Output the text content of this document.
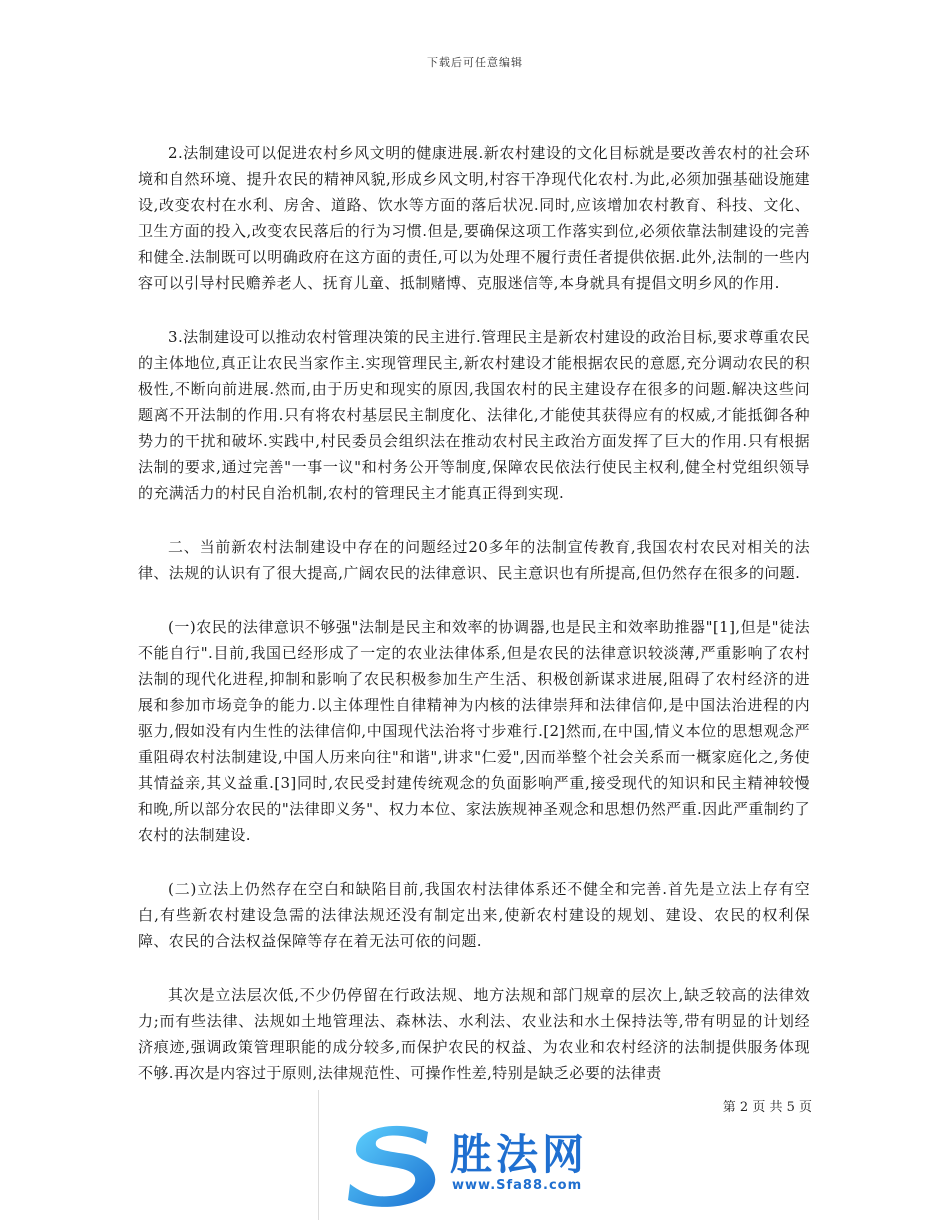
下载后可任意编辑

2.法制建设可以促进农村乡风文明的健康进展.新农村建设的文化目标就是要改善农村的社会环境和自然环境、提升农民的精神风貌,形成乡风文明,村容干净现代化农村.为此,必须加强基础设施建设,改变农村在水利、房舍、道路、饮水等方面的落后状况.同时,应该增加农村教育、科技、文化、卫生方面的投入,改变农民落后的行为习惯.但是,要确保这项工作落实到位,必须依靠法制建设的完善和健全.法制既可以明确政府在这方面的责任,可以为处理不履行责任者提供依据.此外,法制的一些内容可以引导村民赡养老人、抚育儿童、抵制赌博、克服迷信等,本身就具有提倡文明乡风的作用.

3.法制建设可以推动农村管理决策的民主进行.管理民主是新农村建设的政治目标,要求尊重农民的主体地位,真正让农民当家作主.实现管理民主,新农村建设才能根据农民的意愿,充分调动农民的积极性,不断向前进展.然而,由于历史和现实的原因,我国农村的民主建设存在很多的问题.解决这些问题离不开法制的作用.只有将农村基层民主制度化、法律化,才能使其获得应有的权威,才能抵御各种势力的干扰和破坏.实践中,村民委员会组织法在推动农村民主政治方面发挥了巨大的作用.只有根据法制的要求,通过完善"一事一议"和村务公开等制度,保障农民依法行使民主权利,健全村党组织领导的充满活力的村民自治机制,农村的管理民主才能真正得到实现.

二、当前新农村法制建设中存在的问题经过20多年的法制宣传教育,我国农村农民对相关的法律、法规的认识有了很大提高,广阔农民的法律意识、民主意识也有所提高,但仍然存在很多的问题.

(一)农民的法律意识不够强"法制是民主和效率的协调器,也是民主和效率助推器"[1],但是"徒法不能自行".目前,我国已经形成了一定的农业法律体系,但是农民的法律意识较淡薄,严重影响了农村法制的现代化进程,抑制和影响了农民积极参加生产生活、积极创新谋求进展,阻碍了农村经济的进展和参加市场竞争的能力.以主体理性自律精神为内核的法律崇拜和法律信仰,是中国法治进程的内驱力,假如没有内生性的法律信仰,中国现代法治将寸步难行.[2]然而,在中国,情义本位的思想观念严重阻碍农村法制建设,中国人历来向往"和谐",讲求"仁爱",因而举整个社会关系而一概家庭化之,务使其情益亲,其义益重.[3]同时,农民受封建传统观念的负面影响严重,接受现代的知识和民主精神较慢和晚,所以部分农民的"法律即义务"、权力本位、家法族规神圣观念和思想仍然严重.因此严重制约了农村的法制建设.

(二)立法上仍然存在空白和缺陷目前,我国农村法律体系还不健全和完善.首先是立法上存有空白,有些新农村建设急需的法律法规还没有制定出来,使新农村建设的规划、建设、农民的权利保障、农民的合法权益保障等存在着无法可依的问题.

其次是立法层次低,不少仍停留在行政法规、地方法规和部门规章的层次上,缺乏较高的法律效力;而有些法律、法规如土地管理法、森林法、水利法、农业法和水土保持法等,带有明显的计划经济痕迹,强调政策管理职能的成分较多,而保护农民的权益、为农业和农村经济的法制提供服务体现不够.再次是内容过于原则,法律规范性、可操作性差,特别是缺乏必要的法律责

第 2 页 共 5 页
胜法网
www.Sfa88.com
